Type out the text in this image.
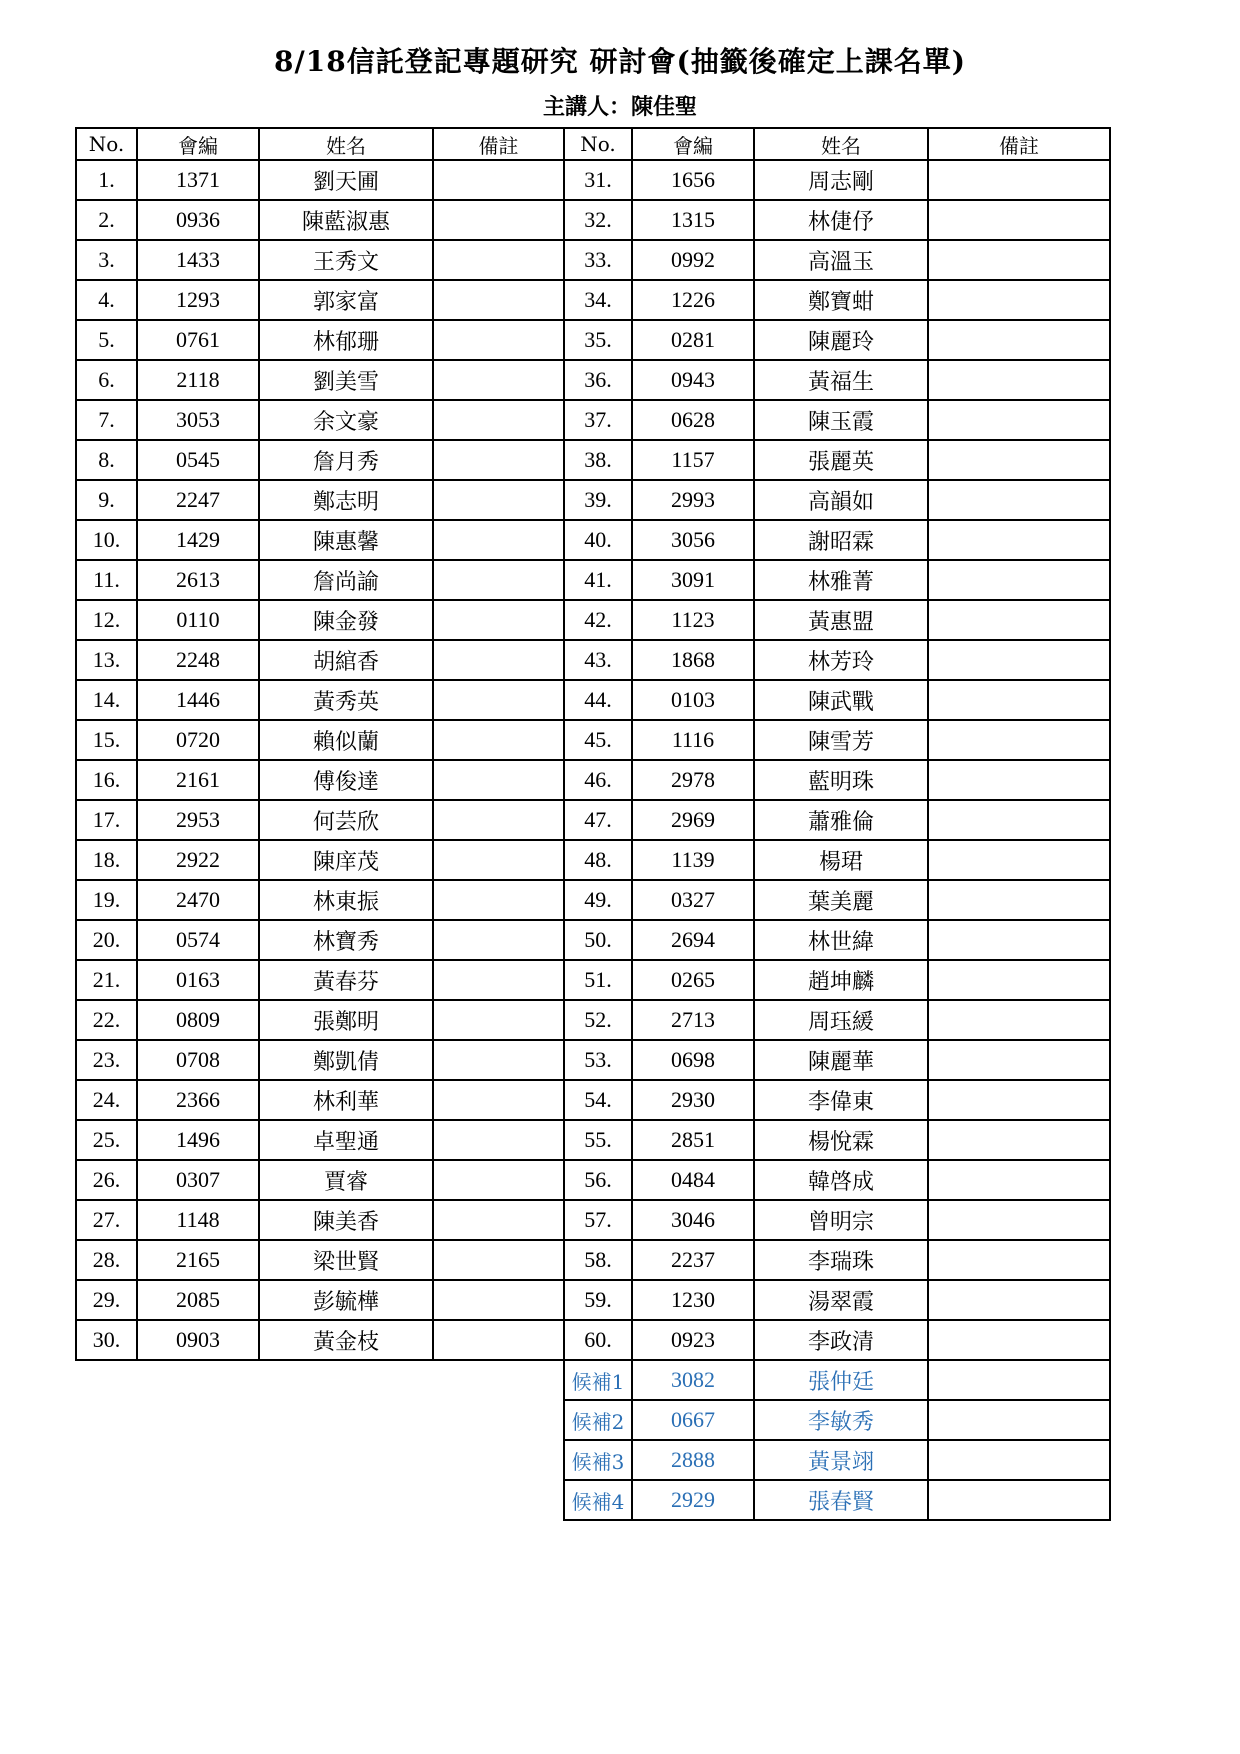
8/18信託登記專題研究 研討會(抽籤後確定上課名單)
主講人：陳佳聖
No.	會編	姓名	備註	No.	會編	姓名	備註
1.	1371	劉天圃		31.	1656	周志剛	
2.	0936	陳藍淑惠		32.	1315	林倢伃	
3.	1433	王秀文		33.	0992	高溫玉	
4.	1293	郭家富		34.	1226	鄭寶蚶	
5.	0761	林郁珊		35.	0281	陳麗玲	
6.	2118	劉美雪		36.	0943	黃福生	
7.	3053	余文豪		37.	0628	陳玉霞	
8.	0545	詹月秀		38.	1157	張麗英	
9.	2247	鄭志明		39.	2993	高韻如	
10.	1429	陳惠馨		40.	3056	謝昭霖	
11.	2613	詹尚諭		41.	3091	林雅菁	
12.	0110	陳金發		42.	1123	黃惠盟	
13.	2248	胡綰香		43.	1868	林芳玲	
14.	1446	黃秀英		44.	0103	陳武戰	
15.	0720	賴似蘭		45.	1116	陳雪芳	
16.	2161	傅俊達		46.	2978	藍明珠	
17.	2953	何芸欣		47.	2969	蕭雅倫	
18.	2922	陳庠茂		48.	1139	楊珺	
19.	2470	林東振		49.	0327	葉美麗	
20.	0574	林寶秀		50.	2694	林世緯	
21.	0163	黃春芬		51.	0265	趙坤麟	
22.	0809	張鄭明		52.	2713	周珏緩	
23.	0708	鄭凱倩		53.	0698	陳麗華	
24.	2366	林利華		54.	2930	李偉東	
25.	1496	卓聖通		55.	2851	楊悅霖	
26.	0307	賈睿		56.	0484	韓啓成	
27.	1148	陳美香		57.	3046	曾明宗	
28.	2165	梁世賢		58.	2237	李瑞珠	
29.	2085	彭毓樺		59.	1230	湯翠霞	
30.	0903	黃金枝		60.	0923	李政清	
				候補1	3082	張仲廷	
				候補2	0667	李敏秀	
				候補3	2888	黃景翊	
				候補4	2929	張春賢	
